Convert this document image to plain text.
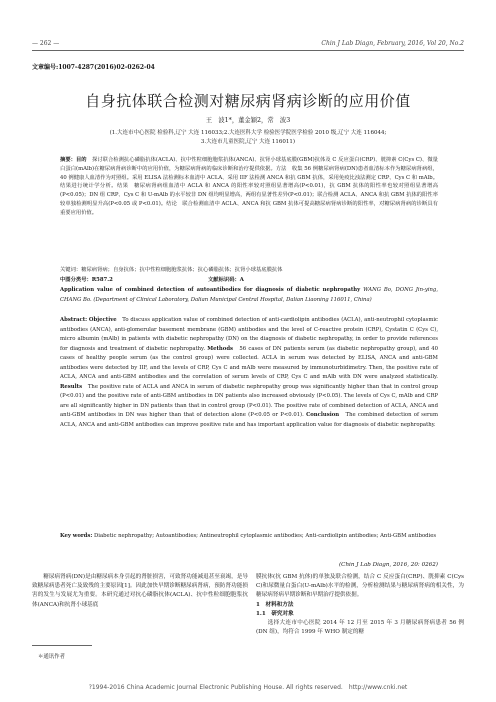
— 262 —	Chin J Lab Diagn, February, 2016, Vol 20, No.2
文章编号:1007-4287(2016)02-0262-04
自身抗体联合检测对糖尿病肾病诊断的应用价值
王　波1*，董金颖2，常　波3
(1.大连市中心医院 检验科,辽宁 大连 116033;2.大连医科大学 检验医学院医学检验 2010 级,辽宁 大连 116044;
3.大连市儿童医院,辽宁 大连 116011)
摘要：目的　探讨联合检测抗心磷脂抗体(ACLA)、抗中性粒细胞胞浆抗体(ANCA)、抗肾小球基底膜(GBM)抗体及 C 反应蛋白(CRP)、胱抑素 C(Cys C)、微量白蛋白(mAlb)在糖尿病肾病诊断中的应用价值，为糖尿病肾病的临床诊断和治疗提供依据。方法　收集 56 例糖尿病肾病(DN)患者血清标本作为糖尿病肾病组，40 例健康人血清作为对照组。采用 ELISA 法检测标本血清中 ACLA、采用 IIF 法检测 ANCA 和抗 GBM 抗体，采用免疫比浊法测定 CRP、Cys C 和 mAlb。结果进行统计学分析。结果　糖尿病肾病组血清中 ACLA 和 ANCA 的阳性率较对照组显著增高(P<0.01)，抗 GBM 抗体的阳性率也较对照组显著增高(P<0.05)；DN 组 CRP、Cys C 和 U-mAlb 的水平较非 DN 组均明显增高，两组有显著性差异(P<0.01)；联合检测 ACLA、ANCA 和抗 GBM 抗体的阳性率较单独检测明显升高(P<0.05 或 P<0.01)。结论　联合检测血清中 ACLA、ANCA 和抗 GBM 抗体可提高糖尿病肾病诊断的阳性率，对糖尿病肾病的诊断具有重要应用价值。
关键词：糖尿病肾病；自身抗体；抗中性粒细胞胞浆抗体；抗心磷脂抗体；抗肾小球基底膜抗体
中图分类号：R587.2	文献标识码：A
Application value of combined detection of autoantibodies for diagnosis of diabetic nephropathy WANG Bo, DONG Jin-ying, CHANG Bo. (Department of Clinical Laboratory, Dalian Municipal Central Hospital, Dalian Liaoning 116011, China)
Abstract: Objective　To discuss application value of combined detection of anti-cardiolipin antibodies (ACLA), anti-neutrophil cytoplasmic antibodies (ANCA), anti-glomerular basement membrane (GBM) antibodies and the level of C-reactive protein (CRP), Cystatin C (Cys C), micro albumin (mAlb) in patients with diabetic nephropathy (DN) on the diagnosis of diabetic nephropathy, in order to provide references for diagnosis and treatment of diabetic nephropathy. Methods　56 cases of DN patients serum (as diabetic nephropathy group), and 40 cases of healthy people serum (as the control group) were collected. ACLA in serum was detected by ELISA, ANCA and anti-GBM antibodies were detected by IIF, and the levels of CRP, Cys C and mAlb were measured by immunoturbidimetry. Then, the positive rate of ACLA, ANCA and anti-GBM antibodies and the correlation of serum levels of CRP, Cys C and mAlb with DN were analyzed statistically. Results　The positive rate of ACLA and ANCA in serum of diabetic nephropathy group was significantly higher than that in control group (P<0.01) and the positive rate of anti-GBM antibodies in DN patients also increased obviously (P<0.05). The levels of Cys C, mAlb and CRP are all significantly higher in DN patients than that in control group (P<0.01). The positive rate of combined detection of ACLA, ANCA and anti-GBM antibodies in DN was higher than that of detection alone (P<0.05 or P<0.01). Conclusion　The combined detection of serum ACLA, ANCA and anti-GBM antibodies can improve positive rate and has important application value for diagnosis of diabetic nephropathy.
Key words: Diabetic nephropathy; Autoantibodies; Antineutrophil cytoplasmic antibodies; Anti-cardiolipin antibodies; Anti-GBM antibodies
(Chin J Lab Diagn, 2016, 20: 0262)
　　糖尿病肾病(DN)是由糖尿病本身引起的肾脏损害，可致肾功能减退甚至衰竭，是导致糖尿病患者死亡及致残的主要原因[1]。因此加快早期诊断糖尿病肾病，预防肾功能损害的发生与发展尤为重要。本研究通过对抗心磷脂抗体(ACLA)、抗中性粒细胞胞浆抗体(ANCA)和抗肾小球基底
膜抗体(抗 GBM 抗体)的单独及联合检测，结合 C 反应蛋白(CRP)、胱抑素 C(Cys C)和尿微量白蛋白(U-mAlb)水平的检测，分析检测结果与糖尿病肾病的相关性，为糖尿病肾病早期诊断和早期治疗提供依据。
1　材料和方法
1.1　研究对象
　　选择大连市中心医院 2014 年 12 月至 2015 年 3 月糖尿病肾病患者 56 例(DN 组)，均符合 1999 年 WHO 制定的糖
＊通讯作者
?1994-2016 China Academic Journal Electronic Publishing House. All rights reserved.　http://www.cnki.net
